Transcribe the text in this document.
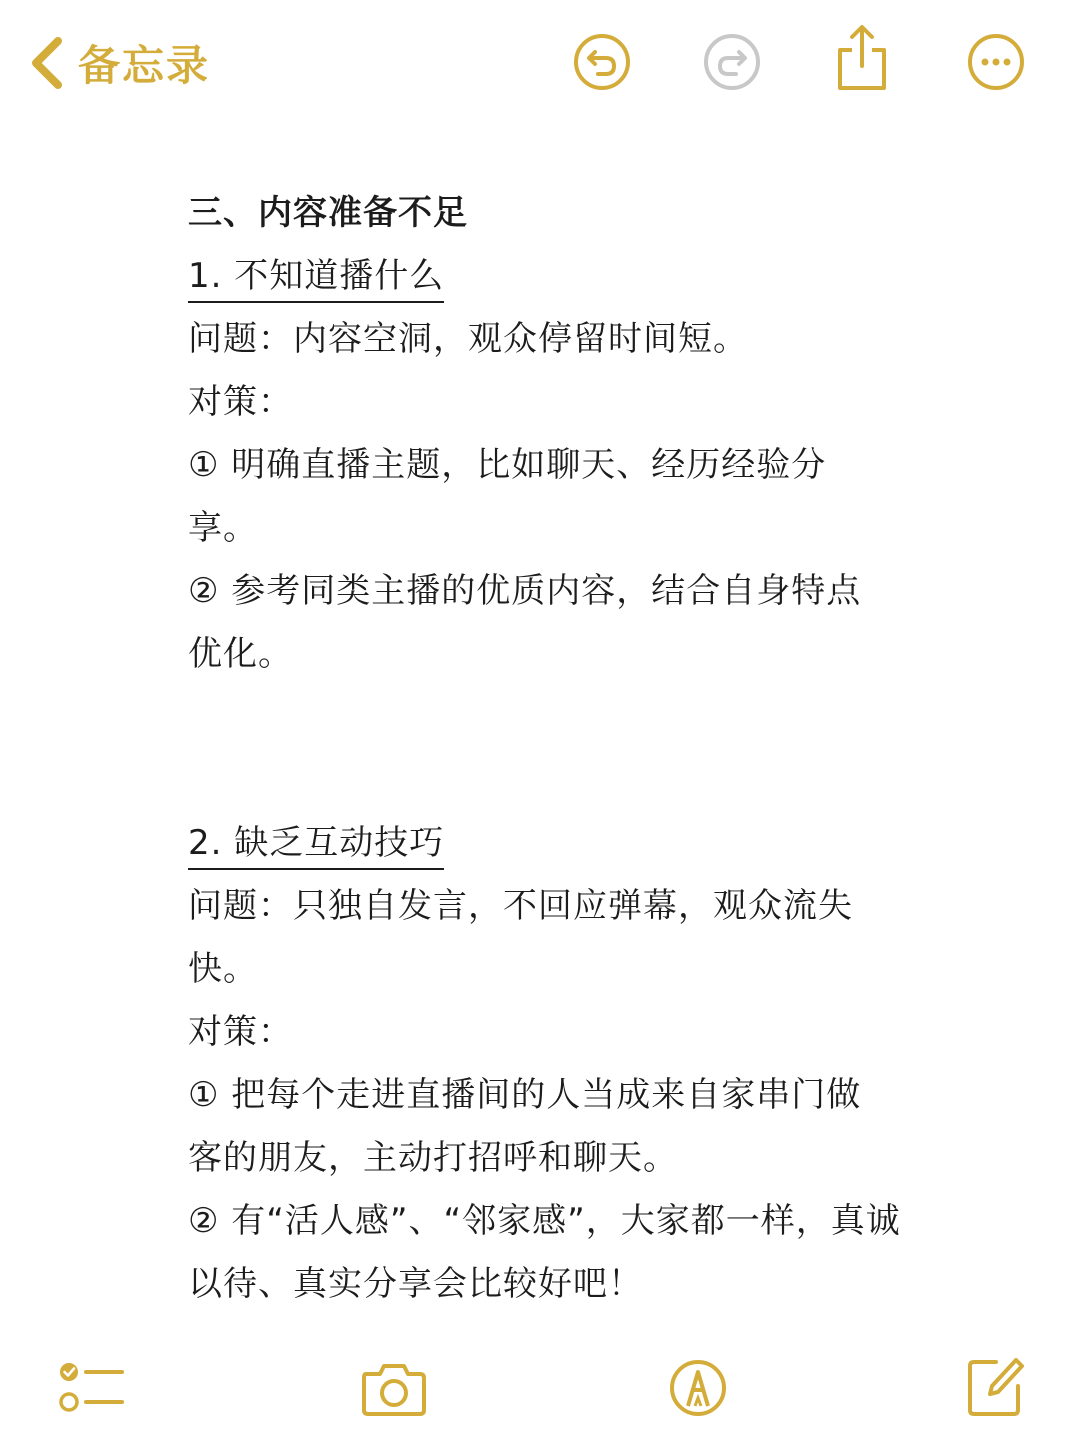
备忘录
三、内容准备不足
1. 不知道播什么
问题：内容空洞，观众停留时间短。
对策：
① 明确直播主题，比如聊天、经历经验分
享。
② 参考同类主播的优质内容，结合自身特点
优化。
2. 缺乏互动技巧
问题：只独自发言，不回应弹幕，观众流失
快。
对策：
① 把每个走进直播间的人当成来自家串门做
客的朋友，主动打招呼和聊天。
② 有“活人感”、“邻家感”，大家都一样，真诚
以待、真实分享会比较好吧！
